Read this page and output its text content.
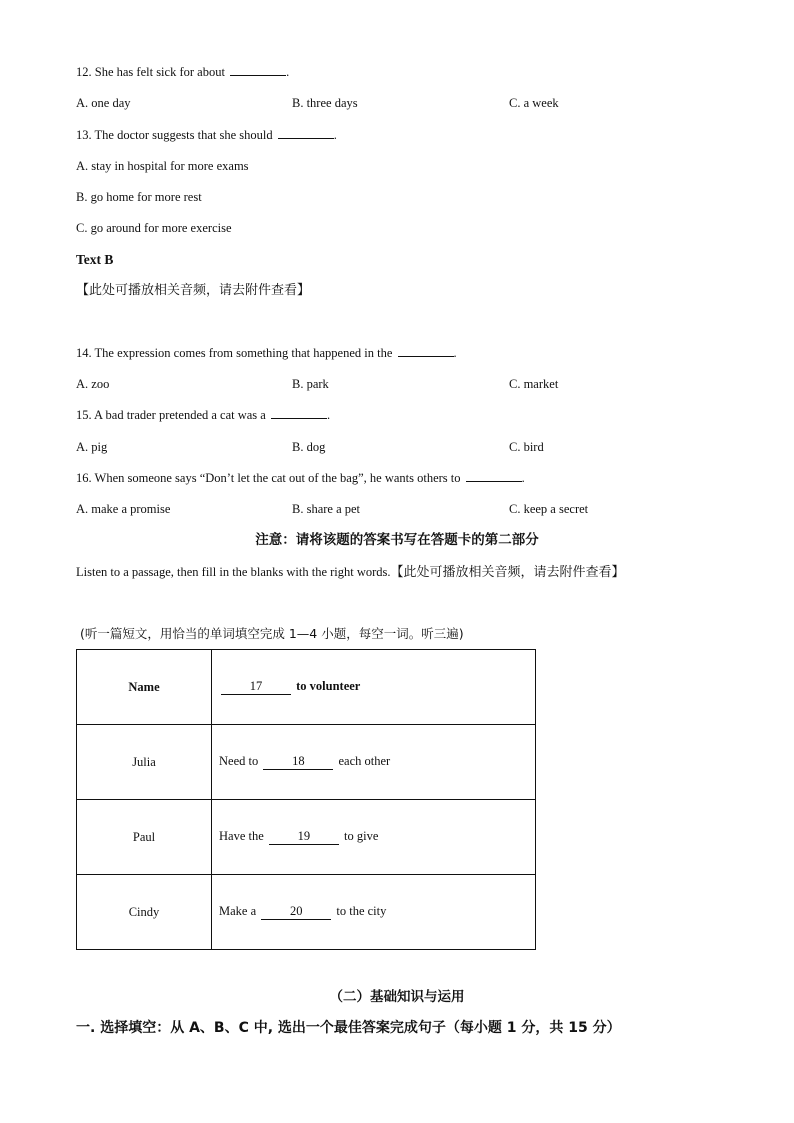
12. She has felt sick for about	.
A. one day	B. three days	C. a week
13. The doctor suggests that she should	.
A. stay in hospital for more exams
B. go home for more rest
C. go around for more exercise
Text B
【此处可播放相关音频，请去附件查看】
14. The expression comes from something that happened in the	.
A. zoo	B. park	C. market
15. A bad trader pretended a cat was a	.
A. pig	B. dog	C. bird
16. When someone says “Don’t let the cat out of the bag”, he wants others to	.
A. make a promise	B. share a pet	C. keep a secret
注意：请将该题的答案书写在答题卡的第二部分
Listen to a passage, then fill in the blanks with the right words.【此处可播放相关音频，请去附件查看】
(听一篇短文，用恰当的单词填空完成 1—4 小题，每空一词。听三遍)
Name	17 to volunteer
Julia	Need to 18 each other
Paul	Have the 19 to give
Cindy	Make a 20 to the city
（二）基础知识与运用
一. 选择填空：从 A、B、C 中, 选出一个最佳答案完成句子（每小题 1 分，共 15 分）
